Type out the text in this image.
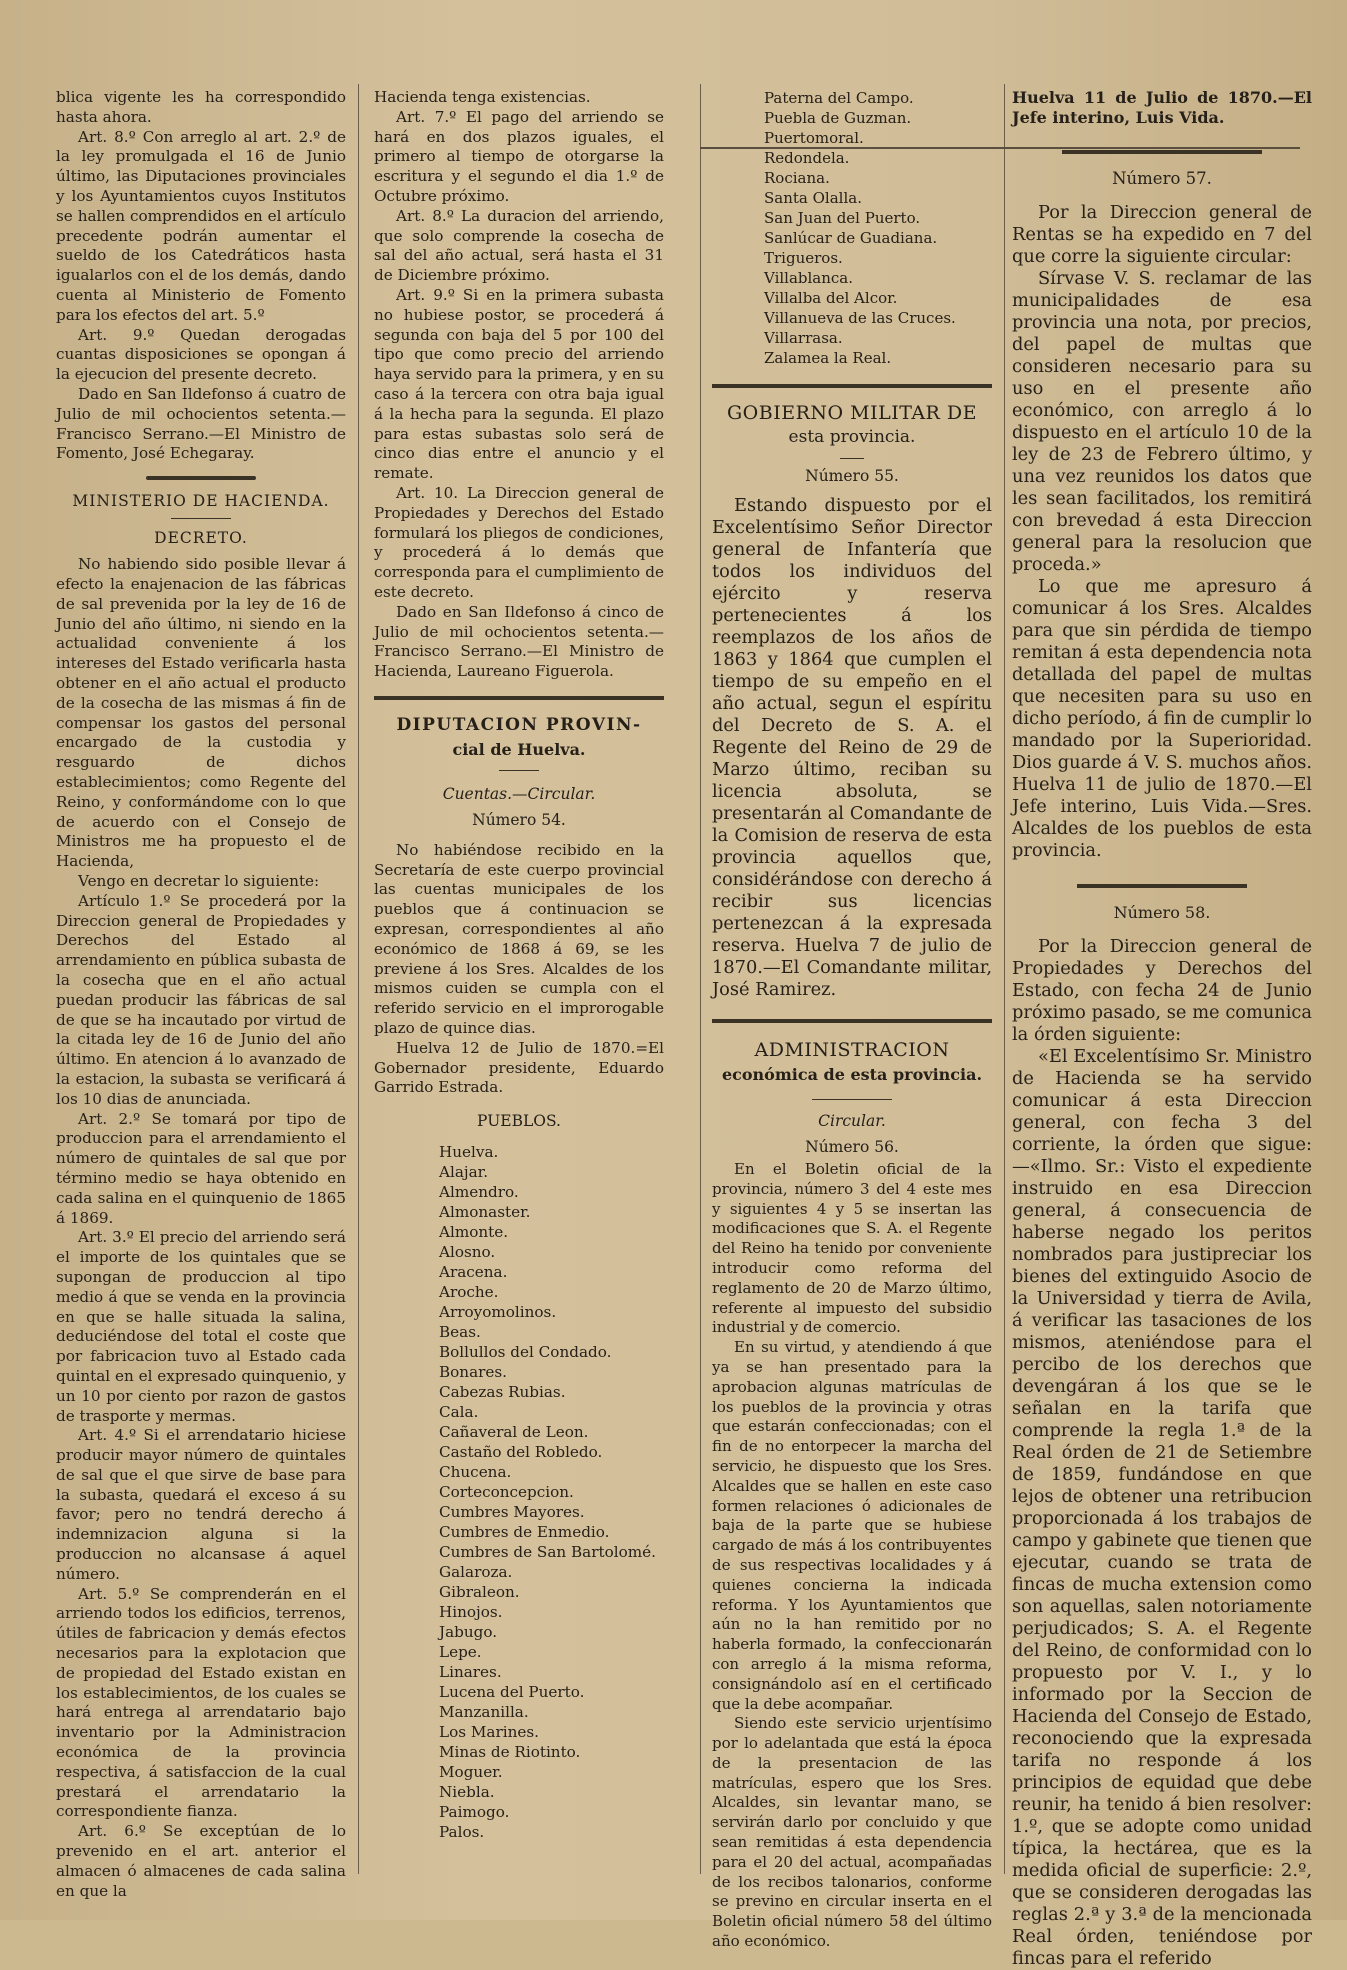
blica vigente les ha correspondido hasta ahora.

Art. 8.º Con arreglo al art. 2.º de la ley promulgada el 16 de Junio último, las Diputaciones provinciales y los Ayuntamientos cuyos Institutos se hallen comprendidos en el artículo precedente podrán aumentar el sueldo de los Catedráticos hasta igualarlos con el de los demás, dando cuenta al Ministerio de Fomento para los efectos del art. 5.º

Art. 9.º Quedan derogadas cuantas disposiciones se opongan á la ejecucion del presente decreto.

Dado en San Ildefonso á cuatro de Julio de mil ochocientos setenta.—Francisco Serrano.—El Ministro de Fomento, José Echegaray.

MINISTERIO DE HACIENDA.
DECRETO.

No habiendo sido posible llevar á efecto la enajenacion de las fábricas de sal prevenida por la ley de 16 de Junio del año último, ni siendo en la actualidad conveniente á los intereses del Estado verificarla hasta obtener en el año actual el producto de la cosecha de las mismas á fin de compensar los gastos del personal encargado de la custodia y resguardo de dichos establecimientos; como Regente del Reino, y conformándome con lo que de acuerdo con el Consejo de Ministros me ha propuesto el de Hacienda,

Vengo en decretar lo siguiente:

Artículo 1.º Se procederá por la Direccion general de Propiedades y Derechos del Estado al arrendamiento en pública subasta de la cosecha que en el año actual puedan producir las fábricas de sal de que se ha incautado por virtud de la citada ley de 16 de Junio del año último. En atencion á lo avanzado de la estacion, la subasta se verificará á los 10 dias de anunciada.

Art. 2.º Se tomará por tipo de produccion para el arrendamiento el número de quintales de sal que por término medio se haya obtenido en cada salina en el quinquenio de 1865 á 1869.

Art. 3.º El precio del arriendo será el importe de los quintales que se supongan de produccion al tipo medio á que se venda en la provincia en que se halle situada la salina, deduciéndose del total el coste que por fabricacion tuvo al Estado cada quintal en el expresado quinquenio, y un 10 por ciento por razon de gastos de trasporte y mermas.

Art. 4.º Si el arrendatario hiciese producir mayor número de quintales de sal que el que sirve de base para la subasta, quedará el exceso á su favor; pero no tendrá derecho á indemnizacion alguna si la produccion no alcansase á aquel número.

Art. 5.º Se comprenderán en el arriendo todos los edificios, terrenos, útiles de fabricacion y demás efectos necesarios para la explotacion que de propiedad del Estado existan en los establecimientos, de los cuales se hará entrega al arrendatario bajo inventario por la Administracion económica de la provincia respectiva, á satisfaccion de la cual prestará el arrendatario la correspondiente fianza.

Art. 6.º Se exceptúan de lo prevenido en el art. anterior el almacen ó almacenes de cada salina en que la

Hacienda tenga existencias.

Art. 7.º El pago del arriendo se hará en dos plazos iguales, el primero al tiempo de otorgarse la escritura y el segundo el dia 1.º de Octubre próximo.

Art. 8.º La duracion del arriendo, que solo comprende la cosecha de sal del año actual, será hasta el 31 de Diciembre próximo.

Art. 9.º Si en la primera subasta no hubiese postor, se procederá á segunda con baja del 5 por 100 del tipo que como precio del arriendo haya servido para la primera, y en su caso á la tercera con otra baja igual á la hecha para la segunda. El plazo para estas subastas solo será de cinco dias entre el anuncio y el remate.

Art. 10. La Direccion general de Propiedades y Derechos del Estado formulará los pliegos de condiciones, y procederá á lo demás que corresponda para el cumplimiento de este decreto.

Dado en San Ildefonso á cinco de Julio de mil ochocientos setenta.—Francisco Serrano.—El Ministro de Hacienda, Laureano Figuerola.

DIPUTACION PROVIN-
cial de Huelva.
Cuentas.—Circular.
Número 54.

No habiéndose recibido en la Secretaría de este cuerpo provincial las cuentas municipales de los pueblos que á continuacion se expresan, correspondientes al año económico de 1868 á 69, se les previene á los Sres. Alcaldes de los mismos cuiden se cumpla con el referido servicio en el improrogable plazo de quince dias.

Huelva 12 de Julio de 1870.=El Gobernador presidente, Eduardo Garrido Estrada.

PUEBLOS.
Huelva.
Alajar.
Almendro.
Almonaster.
Almonte.
Alosno.
Aracena.
Aroche.
Arroyomolinos.
Beas.
Bollullos del Condado.
Bonares.
Cabezas Rubias.
Cala.
Cañaveral de Leon.
Castaño del Robledo.
Chucena.
Corteconcepcion.
Cumbres Mayores.
Cumbres de Enmedio.
Cumbres de San Bartolomé.
Galaroza.
Gibraleon.
Hinojos.
Jabugo.
Lepe.
Linares.
Lucena del Puerto.
Manzanilla.
Los Marines.
Minas de Riotinto.
Moguer.
Niebla.
Paimogo.
Palos.
Paterna del Campo.
Puebla de Guzman.
Puertomoral.
Redondela.
Rociana.
Santa Olalla.
San Juan del Puerto.
Sanlúcar de Guadiana.
Trigueros.
Villablanca.
Villalba del Alcor.
Villanueva de las Cruces.
Villarrasa.
Zalamea la Real.
GOBIERNO MILITAR DE
esta provincia.
Número 55.

Estando dispuesto por el Excelentísimo Señor Director general de Infantería que todos los individuos del ejército y reserva pertenecientes á los reemplazos de los años de 1863 y 1864 que cumplen el tiempo de su empeño en el año actual, segun el espíritu del Decreto de S. A. el Regente del Reino de 29 de Marzo último, reciban su licencia absoluta, se presentarán al Comandante de la Comision de reserva de esta provincia aquellos que, considérándose con derecho á recibir sus licencias pertenezcan á la expresada reserva. Huelva 7 de julio de 1870.—El Comandante militar, José Ramirez.

ADMINISTRACION
económica de esta provincia.
Circular.
Número 56.

En el Boletin oficial de la provincia, número 3 del 4 este mes y siguientes 4 y 5 se insertan las modificaciones que S. A. el Regente del Reino ha tenido por conveniente introducir como reforma del reglamento de 20 de Marzo último, referente al impuesto del subsidio industrial y de comercio.

En su virtud, y atendiendo á que ya se han presentado para la aprobacion algunas matrículas de los pueblos de la provincia y otras que estarán confeccionadas; con el fin de no entorpecer la marcha del servicio, he dispuesto que los Sres. Alcaldes que se hallen en este caso formen relaciones ó adicionales de baja de la parte que se hubiese cargado de más á los contribuyentes de sus respectivas localidades y á quienes concierna la indicada reforma. Y los Ayuntamientos que aún no la han remitido por no haberla formado, la confeccionarán con arreglo á la misma reforma, consignándolo así en el certificado que la debe acompañar.

Siendo este servicio urjentísimo por lo adelantada que está la época de la presentacion de las matrículas, espero que los Sres. Alcaldes, sin levantar mano, se servirán darlo por concluido y que sean remitidas á esta dependencia para el 20 del actual, acompañadas de los recibos talonarios, conforme se previno en circular inserta en el Boletin oficial número 58 del último año económico.

Huelva 11 de Julio de 1870.—El Jefe interino, Luis Vida.

Número 57.

Por la Direccion general de Rentas se ha expedido en 7 del que corre la siguiente circular:

Sírvase V. S. reclamar de las municipalidades de esa provincia una nota, por precios, del papel de multas que consideren necesario para su uso en el presente año económico, con arreglo á lo dispuesto en el artículo 10 de la ley de 23 de Febrero último, y una vez reunidos los datos que les sean facilitados, los remitirá con brevedad á esta Direccion general para la resolucion que proceda.»

Lo que me apresuro á comunicar á los Sres. Alcaldes para que sin pérdida de tiempo remitan á esta dependencia nota detallada del papel de multas que necesiten para su uso en dicho período, á fin de cumplir lo mandado por la Superioridad. Dios guarde á V. S. muchos años. Huelva 11 de julio de 1870.—El Jefe interino, Luis Vida.—Sres. Alcaldes de los pueblos de esta provincia.

Número 58.

Por la Direccion general de Propiedades y Derechos del Estado, con fecha 24 de Junio próximo pasado, se me comunica la órden siguiente:

«El Excelentísimo Sr. Ministro de Hacienda se ha servido comunicar á esta Direccion general, con fecha 3 del corriente, la órden que sigue: —«Ilmo. Sr.: Visto el expediente instruido en esa Direccion general, á consecuencia de haberse negado los peritos nombrados para justipreciar los bienes del extinguido Asocio de la Universidad y tierra de Avila, á verificar las tasaciones de los mismos, ateniéndose para el percibo de los derechos que devengáran á los que se le señalan en la tarifa que comprende la regla 1.ª de la Real órden de 21 de Setiembre de 1859, fundándose en que lejos de obtener una retribucion proporcionada á los trabajos de campo y gabinete que tienen que ejecutar, cuando se trata de fincas de mucha extension como son aquellas, salen notoriamente perjudicados; S. A. el Regente del Reino, de conformidad con lo propuesto por V. I., y lo informado por la Seccion de Hacienda del Consejo de Estado, reconociendo que la expresada tarifa no responde á los principios de equidad que debe reunir, ha tenido á bien resolver: 1.º, que se adopte como unidad típica, la hectárea, que es la medida oficial de superficie: 2.º, que se consideren derogadas las reglas 2.ª y 3.ª de la mencionada Real órden, teniéndose por fincas para el referido
